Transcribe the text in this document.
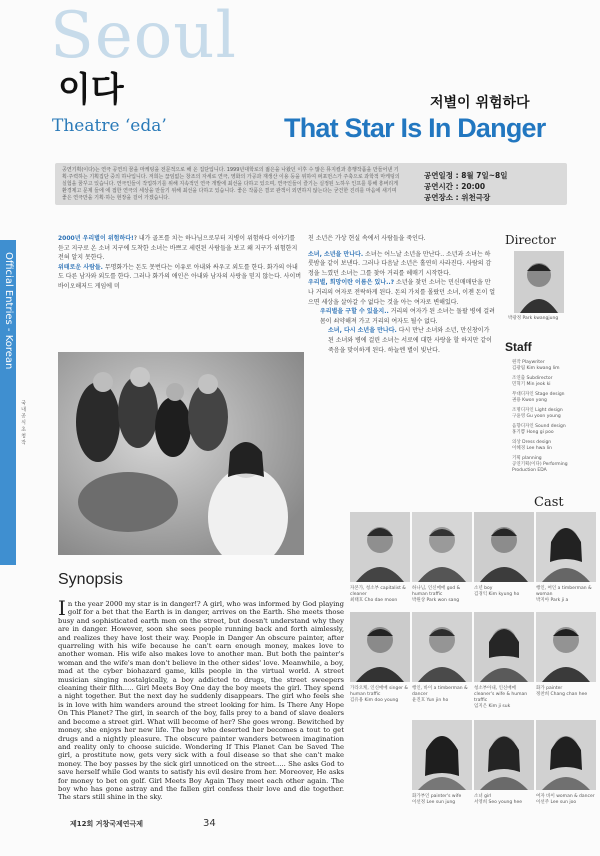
Seoul
이다
Theatre ‘eda’
저별이 위험하다
That Star Is In Danger
공연기획(이다)는 연극 공연의 꿈을 마케팅을 전문적으로 해 온 집단입니다. 1999년대학로의 젊은을 나왔던 이후 수 많은 뮤지컬과 흥행작품을 만들어낸 기획·주력하는 기획집단 중의 하나입니다. 저희는 끊임없는 창조의 자세로 연극, 영화의 가공과 재생산 이용 등을 위하여 퍼포먼스가 주축으로 과학적 마케팅의 실험을 꿈꾸고 있습니다. 연극인들이 작업하기를 위해 지속적인 연극 개발에 최선을 다하고 있으며, 연극인들이 즐기는 실정된 노하우 인프를 통해 흥버리게 환경제고 문제 들에 에 접한 연극의 세상을 만들기 위해 최선을 다하고 있습니다. 좋은 작품은 결코 관객이 외면하지 않는다는 굳건한 진리를 마음에 새기며 좋은 연극만을 기획·하는 현장을 걸어 가겠습니다.
공연일정 : 8월 7일~8일
공연시간 : 20:00
공연장소 : 위천극장
Official Entries - Korean
국 내 공 식 초 청 작

2000년 우리별이 위험하다!? 내가 골프를 치는 하나님으로부터 지병이 위험하다 이야기를 듣고 지구로 온 소녀 지구에 도착한 소녀는 바쁘고 세련된 사람들을 보고 왜 지구가 위험한지 전혀 알지 못한다.

위태로운 사람들. 무명화가는 돈도 못번다는 이유로 아내와 싸우고 외도를 한다. 화가의 아내도 다른 남자와 외도를 한다. 그러나 화가의 애인은 아내와 남자의 사랑을 믿지 않는다. 사이버 바이오해저드 게임에 미

친 소년은 가상 현실 속에서 사람들을 죽인다.

소녀, 소년을 만나다. 소녀는 어느날 소년을 만난다.. 소년과 소녀는 하룻밤을 같이 보낸다. 그러나 다음날 소년은 홀연히 사라진다. 사람의 감정을 느꼈던 소녀는 그를 찾아 거리를 헤매기 시작한다.

우리별, 희망이란 이름은 있나..? 소년을 찾던 소녀는 민신매매단을 만나 거리의 여자로 전락하게 된다. 돈의 가치를 몰랐던 소녀, 이젠 돈이 얼으면 세상을 살아갈 수 없다는 것을 아는 여자로 변해있다.

우리별을 구할 수 있을지.. 거리의 여자가 된 소녀는 돌팔 병에 걸려 몸이 쇠약해져 가고 거리의 여자도 될수 없다.

소녀, 다시 소년을 만나다. 다시 만난 소녀와 소년, 만신창이가 된 소녀와 병에 걸린 소녀는 서로에 대한 사랑을 할 하지만 같이 죽음을 맞이하게 된다. 하늘엔 별이 빛난다.

Director
박광정 Park kwangjung
Staff
원작 Playwriter
김광림 Kim kwang lim
조연출 Subdirector
민혁기 Min jeok ki
무대디자인 Stage design
권용 Kwon yong
조명디자인 Light design
구윤영 Gu yoon young
음향디자인 Sound design
홍기쁨 Hong gi poo
의상 Dress design
이혜경 Lee hwa lin
기획 planning
공연기획(이다) Performing Production EDA
Cast
자본가, 청소부 capitalist & cleaner
최태호 Cho dae moon
하나님, 인신매매 god & human traffic
박원상 Park won sang
소년 boy
김경익 Kim kyung ho
행인, 여인 a timberman & woman
박지아 Park ji a
가라오케, 인신매매 singer & human traffic
김유용 Kim doo young
행인, 바이 a timberman & dancer
윤진호 Yun jin ho
청소부아내, 인신매매 cleaner's wife & human traffic
임지은 Kim ji suk
화가 painter
정찬희 Chang chan hee
화가부인 painter's wife
이선정 Lee sun jung
소녀 girl
서영희 Seo young hee
여자 바이 woman & dancer
이선주 Lee sun joo
Synopsis
In the year 2000 my star is in danger!? A girl, who was informed by God playing golf for a bet that the Earth is in danger, arrives on the Earth. She meets those busy and sophisticated earth men on the street, but doesn't understand why they are in danger. However, soon she sees people running back and forth aimlessly, and realizes they have lost their way. People in Danger An obscure painter, after quarreling with his wife because he can't earn enough money, makes love to another woman. His wife also makes love to another man. But both the painter's woman and the wife's man don't believe in the other sides' love. Meanwhile, a boy, mad at the cyber biohazard game, kills people in the virtual world. A street musician singing nostalgically, a boy addicted to drugs, the street sweepers cleaning their filth..... Girl Meets Boy One day the boy meets the girl. They spend a night together. But the next day he suddenly disappears. The girl who feels she is in love with him wanders around the street looking for him. Is There Any Hope On This Planet? The girl, in search of the boy, falls prey to a band of slave dealers and become a street girl. What will become of her? She goes wrong. Bewitched by money, she enjoys her new life. The boy who deserted her becomes a tout to get drugs and a nightly pleasure. The obscure painter wanders between imagination and reality only to choose suicide. Wondering If This Planet Can be Saved The girl, a prostitute now, gets very sick with a foul disease so that she can't make money. The boy passes by the sick girl unnoticed on the street..... She asks God to save herself while God wants to satisfy his evil desire from her. Moreover, He asks for money to bet on golf. Girl Meets Boy Again They meet each other again. The boy who has gone astray and the fallen girl confess their love and die together. The stars still shine in the sky.
제12회 거창국제연극제	34
